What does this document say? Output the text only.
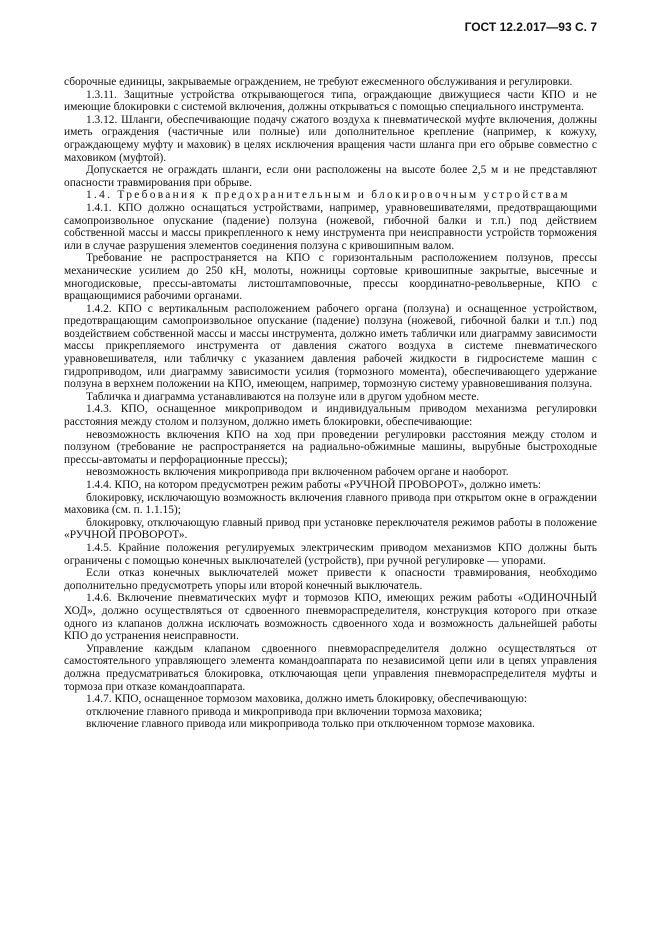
ГОСТ 12.2.017—93 С. 7

сборочные единицы, закрываемые ограждением, не требуют ежесменного обслуживания и регулировки.

1.3.11. Защитные устройства открывающегося типа, ограждающие движущиеся части КПО и не имеющие блокировки с системой включения, должны открываться с помощью специального инструмента.

1.3.12. Шланги, обеспечивающие подачу сжатого воздуха к пневматической муфте включения, должны иметь ограждения (частичные или полные) или дополнительное крепление (например, к кожуху, ограждающему муфту и маховик) в целях исключения вращения части шланга при его обрыве совместно с маховиком (муфтой).

Допускается не ограждать шланги, если они расположены на высоте более 2,5 м и не представляют опасности травмирования при обрыве.

1.4. Требования к предохранительным и блокировочным устройствам

1.4.1. КПО должно оснащаться устройствами, например, уравновешивателями, предотвращающими самопроизвольное опускание (падение) ползуна (ножевой, гибочной балки и т.п.) под действием собственной массы и массы прикрепленного к нему инструмента при неисправности устройств торможения или в случае разрушения элементов соединения ползуна с кривошипным валом.

Требование не распространяется на КПО с горизонтальным расположением ползунов, прессы механические усилием до 250 кН, молоты, ножницы сортовые кривошипные закрытые, высечные и многодисковые, прессы-автоматы листоштамповочные, прессы координатно-револьверные, КПО с вращающимися рабочими органами.

1.4.2. КПО с вертикальным расположением рабочего органа (ползуна) и оснащенное устройством, предотвращающим самопроизвольное опускание (падение) ползуна (ножевой, гибочной балки и т.п.) под воздействием собственной массы и массы инструмента, должно иметь таблички или диаграмму зависимости массы прикрепляемого инструмента от давления сжатого воздуха в системе пневматического уравновешивателя, или табличку с указанием давления рабочей жидкости в гидросистеме машин с гидроприводом, или диаграмму зависимости усилия (тормозного момента), обеспечивающего удержание ползуна в верхнем положении на КПО, имеющем, например, тормозную систему уравновешивания ползуна.

Табличка и диаграмма устанавливаются на ползуне или в другом удобном месте.

1.4.3. КПО, оснащенное микроприводом и индивидуальным приводом механизма регулировки расстояния между столом и ползуном, должно иметь блокировки, обеспечивающие:

невозможность включения КПО на ход при проведении регулировки расстояния между столом и ползуном (требование не распространяется на радиально-обжимные машины, вырубные быстроходные прессы-автоматы и перфорационные прессы);

невозможность включения микропривода при включенном рабочем органе и наоборот.

1.4.4. КПО, на котором предусмотрен режим работы «РУЧНОЙ ПРОВОРОТ», должно иметь:

блокировку, исключающую возможность включения главного привода при открытом окне в ограждении маховика (см. п. 1.1.15);

блокировку, отключающую главный привод при установке переключателя режимов работы в положение «РУЧНОЙ ПРОВОРОТ».

1.4.5. Крайние положения регулируемых электрическим приводом механизмов КПО должны быть ограничены с помощью конечных выключателей (устройств), при ручной регулировке — упорами.

Если отказ конечных выключателей может привести к опасности травмирования, необходимо дополнительно предусмотреть упоры или второй конечный выключатель.

1.4.6. Включение пневматических муфт и тормозов КПО, имеющих режим работы «ОДИНОЧНЫЙ ХОД», должно осуществляться от сдвоенного пневмораспределителя, конструкция которого при отказе одного из клапанов должна исключать возможность сдвоенного хода и возможность дальнейшей работы КПО до устранения неисправности.

Управление каждым клапаном сдвоенного пневмораспределителя должно осуществляться от самостоятельного управляющего элемента командоаппарата по независимой цепи или в цепях управления должна предусматриваться блокировка, отключающая цепи управления пневмораспределителя муфты и тормоза при отказе командоаппарата.

1.4.7. КПО, оснащенное тормозом маховика, должно иметь блокировку, обеспечивающую:

отключение главного привода и микропривода при включении тормоза маховика;

включение главного привода или микропривода только при отключенном тормозе маховика.
